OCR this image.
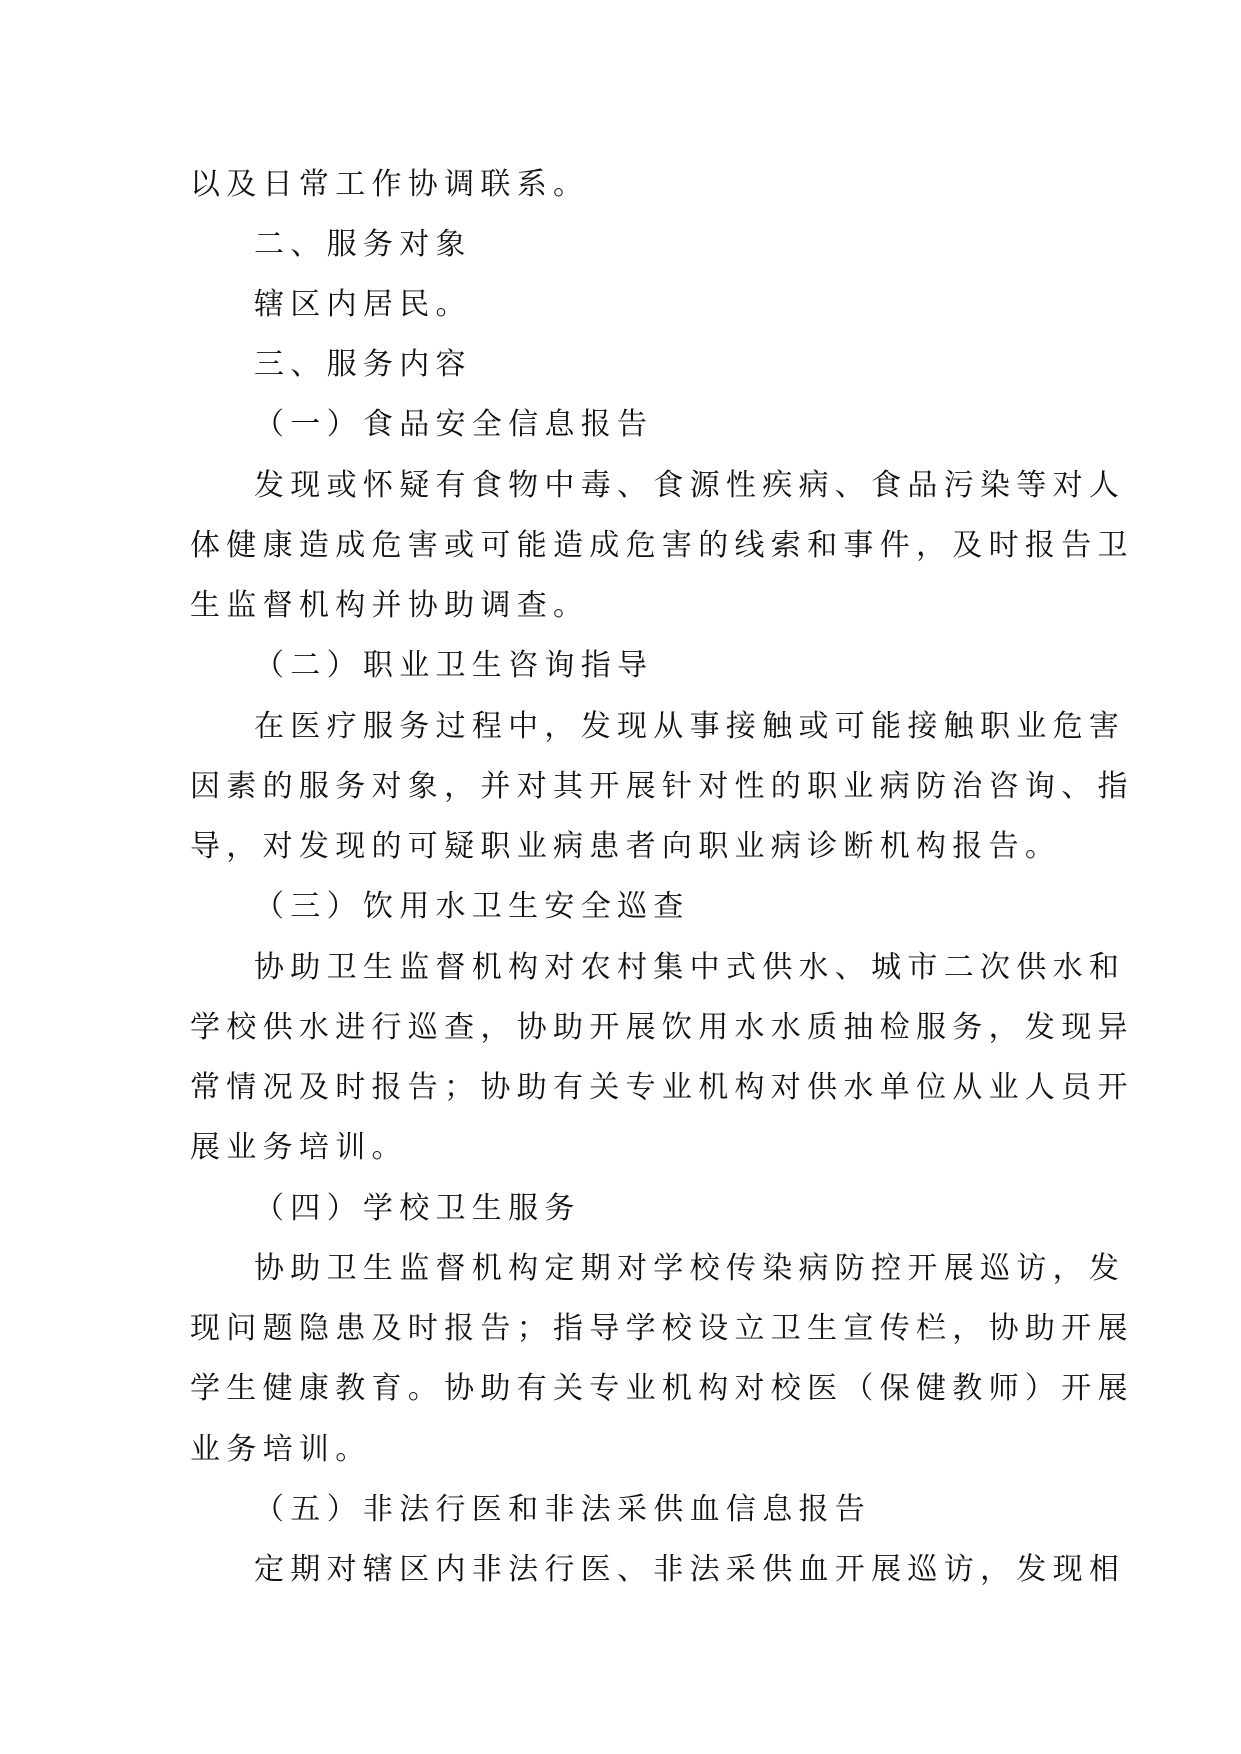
以及日常工作协调联系。
二、服务对象
辖区内居民。
三、服务内容
（一）食品安全信息报告
发现或怀疑有食物中毒、食源性疾病、食品污染等对人
体健康造成危害或可能造成危害的线索和事件，及时报告卫
生监督机构并协助调查。
（二）职业卫生咨询指导
在医疗服务过程中，发现从事接触或可能接触职业危害
因素的服务对象，并对其开展针对性的职业病防治咨询、指
导，对发现的可疑职业病患者向职业病诊断机构报告。
（三）饮用水卫生安全巡查
协助卫生监督机构对农村集中式供水、城市二次供水和
学校供水进行巡查，协助开展饮用水水质抽检服务，发现异
常情况及时报告；协助有关专业机构对供水单位从业人员开
展业务培训。
（四）学校卫生服务
协助卫生监督机构定期对学校传染病防控开展巡访，发
现问题隐患及时报告；指导学校设立卫生宣传栏，协助开展
学生健康教育。协助有关专业机构对校医（保健教师）开展
业务培训。
（五）非法行医和非法采供血信息报告
定期对辖区内非法行医、非法采供血开展巡访，发现相
